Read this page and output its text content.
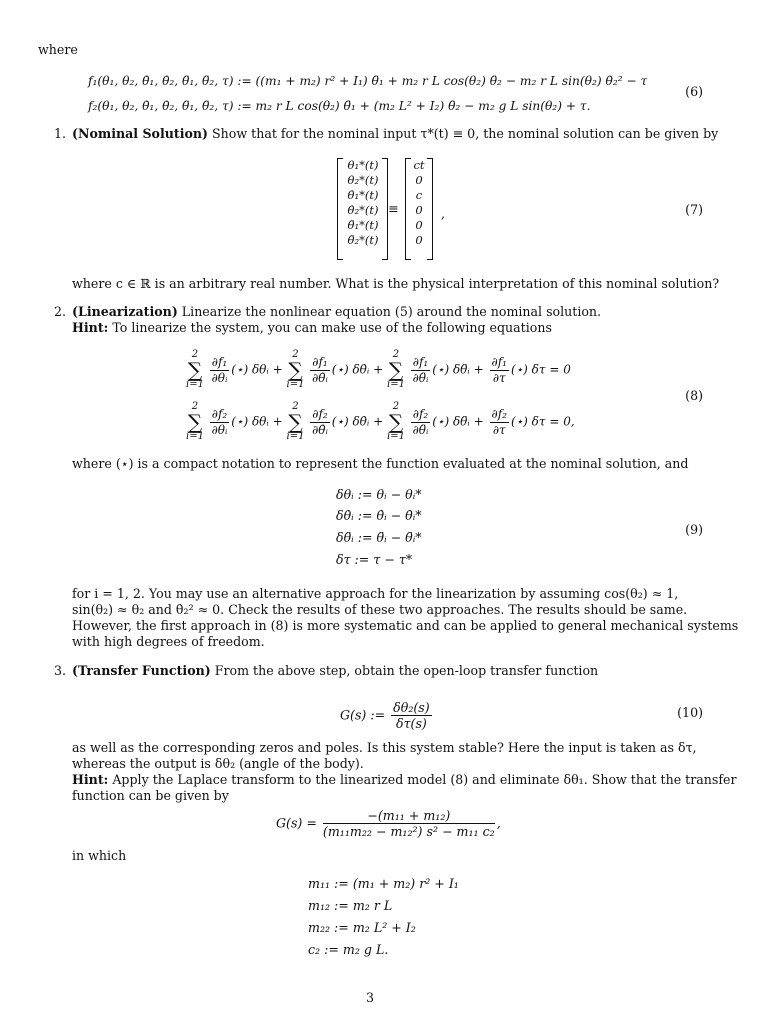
where
f₁(θ₁, θ₂, θ̇₁, θ̇₂, θ̈₁, θ̈₂, τ) := ((m₁ + m₂) r² + I₁) θ̈₁ + m₂ r L cos(θ₂) θ̈₂ − m₂ r L sin(θ₂) θ̇₂² − τ
f₂(θ₁, θ₂, θ̇₁, θ̇₂, θ̈₁, θ̈₂, τ) := m₂ r L cos(θ₂) θ̈₁ + (m₂ L² + I₂) θ̈₂ − m₂ g L sin(θ₂) + τ.
(6)
1. (Nominal Solution) Show that for the nominal input τ*(t) ≡ 0, the nominal solution can be given by
θ₁*(t)
θ₂*(t)
θ̇₁*(t)
θ̇₂*(t)
θ̈₁*(t)
θ̈₂*(t)
≡
ct
0
c
0
0
0
,	(7)
where c ∈ ℝ is an arbitrary real number. What is the physical interpretation of this nominal solution?
2. (Linearization) Linearize the nonlinear equation (5) around the nominal solution.
Hint: To linearize the system, you can make use of the following equations
2
∑
i=1
$\frac{\text{∂f₁}}{\text{∂θᵢ}}$ (⋆) δθᵢ +
2
∑
i=1
$\frac{\text{∂f₁}}{\text{∂θ̇ᵢ}}$ (⋆) δθ̇ᵢ +
2
∑
i=1
$\frac{\text{∂f₁}}{\text{∂θ̈ᵢ}}$ (⋆) δθ̈ᵢ + $\frac{\text{∂f₁}}{\partial\tau}$ (⋆) δτ = 0
2
∑
i=1
$\frac{\text{∂f₂}}{\text{∂θᵢ}}$ (⋆) δθᵢ +
2
∑
i=1
$\frac{\text{∂f₂}}{\text{∂θ̇ᵢ}}$ (⋆) δθ̇ᵢ +
2
∑
i=1
$\frac{\text{∂f₂}}{\text{∂θ̈ᵢ}}$ (⋆) δθ̈ᵢ + $\frac{\text{∂f₂}}{\partial\tau}$ (⋆) δτ = 0,
(8)
where (⋆) is a compact notation to represent the function evaluated at the nominal solution, and
δθᵢ := θᵢ − θᵢ*
δθ̇ᵢ := θ̇ᵢ − θ̇ᵢ*
δθ̈ᵢ := θ̈ᵢ − θ̈ᵢ*
δτ := τ − τ*
(9)
for i = 1, 2. You may use an alternative approach for the linearization by assuming cos(θ₂) ≈ 1,
sin(θ₂) ≈ θ₂ and θ̇₂² ≈ 0. Check the results of these two approaches. The results should be same.
However, the first approach in (8) is more systematic and can be applied to general mechanical systems
with high degrees of freedom.
3. (Transfer Function) From the above step, obtain the open-loop transfer function
G(s) := $\frac{\text{δθ₂(s)}}{\delta\tau(s)}$	(10)
as well as the corresponding zeros and poles. Is this system stable? Here the input is taken as δτ,
whereas the output is δθ₂ (angle of the body).
Hint: Apply the Laplace transform to the linearized model (8) and eliminate δθ₁. Show that the transfer
function can be given by
$G(s) = \frac{\text{−(m₁₁ + m₁₂)}}{\text{(m₁₁m₂₂ − m₁₂²) s² − m₁₁ c₂}}$ ,
in which
m₁₁ := (m₁ + m₂) r² + I₁
m₁₂ := m₂ r L
m₂₂ := m₂ L² + I₂
c₂ := m₂ g L.
3
